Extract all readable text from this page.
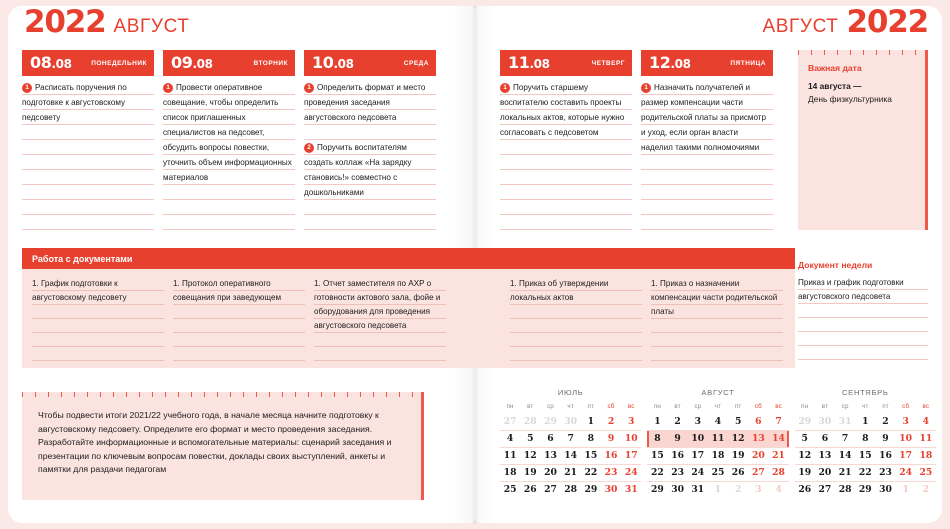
2022 АВГУСТ	АВГУСТ 2022
08.08	ПОНЕДЕЛЬНИК

1 Расписать поручения по подготовке к августовскому педсовету

09.08	ВТОРНИК

1 Провести оперативное совещание, чтобы определить список приглашенных специалистов на педсовет, обсудить вопросы повестки, уточнить объем информационных материалов

10.08	СРЕДА

1 Определить формат и место проведения заседания августовского педсовета

2 Поручить воспитателям создать коллаж «На зарядку становись!» совместно с дошкольниками

11.08	ЧЕТВЕРГ

1 Поручить старшему воспитателю составить проекты локальных актов, которые нужно согласовать с педсоветом

12.08	ПЯТНИЦА

1 Назначить получателей и размер компенсации части родительской платы за присмотр и уход, если орган власти наделил такими полномочиями

Важная дата
14 августа —
День физкультурника
Работа с документами

1. График подготовки к августовскому педсовету

1. Протокол оперативного совещания при заведующем

1. Отчет заместителя по АХР о готовности актового зала, фойе и оборудования для проведения августовского педсовета

1. Приказ об утверждении локальных актов

1. Приказ о назначении компенсации части родительской платы

Документ недели

Приказ и график подготовки августовского педсовета

Чтобы подвести итоги 2021/22 учебного года, в начале месяца начните подготовку к августовскому педсовету. Определите его формат и место проведения заседания. Разработайте информационные и вспомогательные материалы: сценарий заседания и презентации по ключевым вопросам повестки, доклады своих выступлений, анкеты и памятки для раздачи педагогам

ИЮЛЬ
пн	вт	ср	чт	пт	сб	вс
27	28	29	30	1	2	3
4	5	6	7	8	9	10
11	12	13	14	15	16	17
18	19	20	21	22	23	24
25	26	27	28	29	30	31
АВГУСТ
пн	вт	ср	чт	пт	сб	вс
1	2	3	4	5	6	7
8	9	10	11	12	13	14
15	16	17	18	19	20	21
22	23	24	25	26	27	28
29	30	31	1	2	3	4
СЕНТЯБРЬ
пн	вт	ср	чт	пт	сб	вс
29	30	31	1	2	3	4
5	6	7	8	9	10	11
12	13	14	15	16	17	18
19	20	21	22	23	24	25
26	27	28	29	30	1	2
